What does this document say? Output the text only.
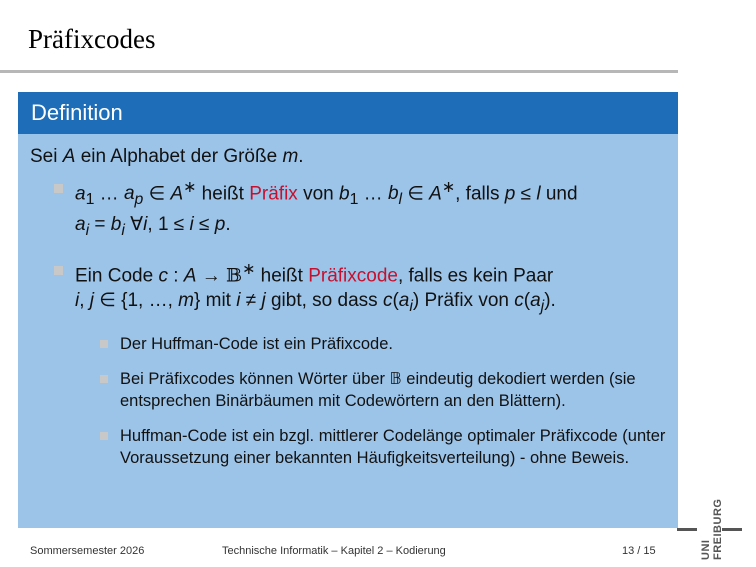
Präfixcodes
Definition

Sei A ein Alphabet der Größe m.

$a_1$ … $a_p$ ∈ A∗ heißt Präfix von $b_1$ … $b_l$ ∈ A∗, falls p ≤ l und
$a_i = b_i$ ∀i, 1 ≤ i ≤ p.
Ein Code c : A → 𝔹∗ heißt Präfixcode, falls es kein Paar
i, j ∈ {1, …, m} mit i ≠ j gibt, so dass $c(a_i)$ Präfix von $c(a_j)$.
Der Huffman-Code ist ein Präfixcode.
Bei Präfixcodes können Wörter über 𝔹 eindeutig dekodiert werden (sie entsprechen Binärbäumen mit Codewörtern an den Blättern).
Huffman-Code ist ein bzgl. mittlerer Codelänge optimaler Präfixcode (unter Voraussetzung einer bekannten Häufigkeitsverteilung) - ohne Beweis.
Sommersemester 2026	Technische Informatik – Kapitel 2 – Kodierung	13 / 15	UNI FREIBURG
